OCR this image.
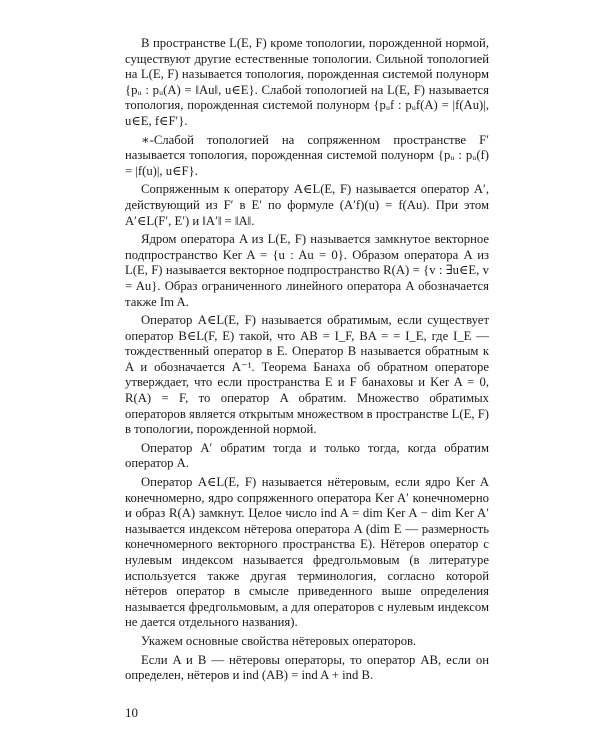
В пространстве L(E, F) кроме топологии, порожденной нормой, существуют другие естественные топологии. Сильной топологией на L(E, F) называется топология, порожденная системой полунорм {pᵤ : pᵤ(A) = ‖Au‖, u∈E}. Слабой топологией на L(E, F) называется топология, порожденная системой полунорм {pᵤf : pᵤf(A) = |f(Au)|, u∈E, f∈F′}.

∗-Слабой топологией на сопряженном пространстве F′ называется топология, порожденная системой полунорм {pᵤ : pᵤ(f) = |f(u)|, u∈F}.

Сопряженным к оператору A∈L(E, F) называется оператор A′, действующий из F′ в E′ по формуле (A′f)(u) = f(Au). При этом A′∈L(F′, E′) и ‖A′‖ = ‖A‖.

Ядром оператора A из L(E, F) называется замкнутое векторное подпространство Ker A = {u : Au = 0}. Образом оператора A из L(E, F) называется векторное подпространство R(A) = {v : ∃u∈E, v = Au}. Образ ограниченного линейного оператора A обозначается также Im A.

Оператор A∈L(E, F) называется обратимым, если существует оператор B∈L(F, E) такой, что AB = I_F, BA = = I_E, где I_E — тождественный оператор в E. Оператор B называется обратным к A и обозначается A⁻¹. Теорема Банаха об обратном операторе утверждает, что если пространства E и F банаховы и Ker A = 0, R(A) = F, то оператор A обратим. Множество обратимых операторов является открытым множеством в пространстве L(E, F) в топологии, порожденной нормой.

Оператор A′ обратим тогда и только тогда, когда обратим оператор A.

Оператор A∈L(E, F) называется нётеровым, если ядро Ker A конечномерно, ядро сопряженного оператора Ker A′ конечномерно и образ R(A) замкнут. Целое число ind A = dim Ker A − dim Ker A′ называется индексом нётерова оператора A (dim E — размерность конечномерного векторного пространства E). Нётеров оператор с нулевым индексом называется фредгольмовым (в литературе используется также другая терминология, согласно которой нётеров оператор в смысле приведенного выше определения называется фредгольмовым, а для операторов с нулевым индексом не дается отдельного названия).

Укажем основные свойства нётеровых операторов.

Если A и B — нётеровы операторы, то оператор AB, если он определен, нётеров и ind (AB) = ind A + ind B.

10
